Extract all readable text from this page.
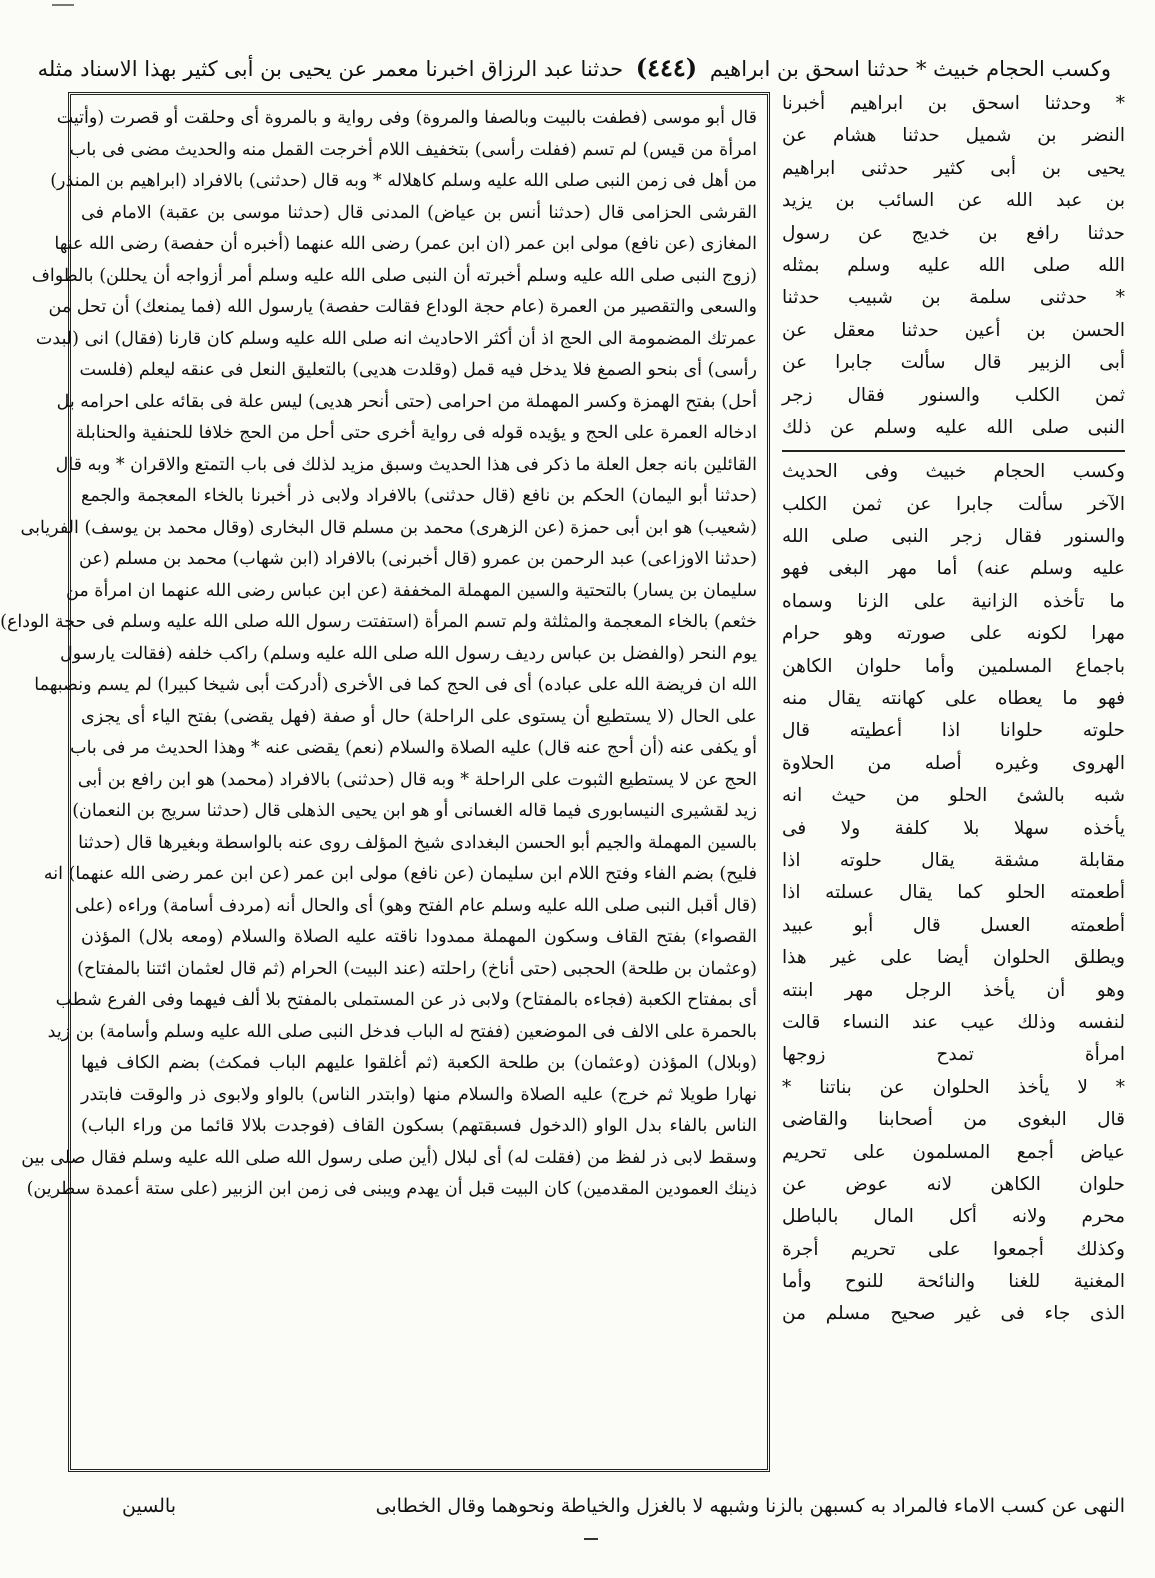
وكسب الحجام خبيث * حدثنا اسحق بن ابراهيم (٤٤٤) حدثنا عبد الرزاق اخبرنا معمر عن يحيى بن أبى كثير بهذا الاسناد مثله
قال أبو موسى (فطفت بالبيت وبالصفا والمروة) وفى رواية و بالمروة أى وحلقت أو قصرت (وأتيت
امرأة من قيس) لم تسم (ففلت رأسى) بتخفيف اللام أخرجت القمل منه والحديث مضى فى باب
من أهل فى زمن النبى صلى الله عليه وسلم كاهلاله * وبه قال (حدثنى) بالافراد (ابراهيم بن المنذر)
القرشى الحزامى قال (حدثنا أنس بن عياض) المدنى قال (حدثنا موسى بن عقبة) الامام فى
المغازى (عن نافع) مولى ابن عمر (ان ابن عمر) رضى الله عنهما (أخبره أن حفصة) رضى الله عنها
(زوج النبى صلى الله عليه وسلم أخبرته أن النبى صلى الله عليه وسلم أمر أزواجه أن يحللن) بالطواف
والسعى والتقصير من العمرة (عام حجة الوداع فقالت حفصة) يارسول الله (فما يمنعك) أن تحل من
عمرتك المضمومة الى الحج اذ أن أكثر الاحاديث انه صلى الله عليه وسلم كان قارنا (فقال) انى (لبدت
رأسى) أى بنحو الصمغ فلا يدخل فيه قمل (وقلدت هديى) بالتعليق النعل فى عنقه ليعلم (فلست
أحل) بفتح الهمزة وكسر المهملة من احرامى (حتى أنحر هديى) ليس علة فى بقائه على احرامه بل
ادخاله العمرة على الحج و يؤيده قوله فى رواية أخرى حتى أحل من الحج خلافا للحنفية والحنابلة
القائلين بانه جعل العلة ما ذكر فى هذا الحديث وسبق مزيد لذلك فى باب التمتع والاقران * وبه قال
(حدثنا أبو اليمان) الحكم بن نافع (قال حدثنى) بالافراد ولابى ذر أخبرنا بالخاء المعجمة والجمع
(شعيب) هو ابن أبى حمزة (عن الزهرى) محمد بن مسلم قال البخارى (وقال محمد بن يوسف) الفريابى
(حدثنا الاوزاعى) عبد الرحمن بن عمرو (قال أخبرنى) بالافراد (ابن شهاب) محمد بن مسلم (عن
سليمان بن يسار) بالتحتية والسين المهملة المخففة (عن ابن عباس رضى الله عنهما ان امرأة من
خثعم) بالخاء المعجمة والمثلثة ولم تسم المرأة (استفتت رسول الله صلى الله عليه وسلم فى حجة الوداع)
يوم النحر (والفضل بن عباس رديف رسول الله صلى الله عليه وسلم) راكب خلفه (فقالت يارسول
الله ان فريضة الله على عباده) أى فى الحج كما فى الأخرى (أدركت أبى شيخا كبيرا) لم يسم ونصبهما
على الحال (لا يستطيع أن يستوى على الراحلة) حال أو صفة (فهل يقضى) بفتح الياء أى يجزى
أو يكفى عنه (أن أحج عنه قال) عليه الصلاة والسلام (نعم) يقضى عنه * وهذا الحديث مر فى باب
الحج عن لا يستطيع الثبوت على الراحلة * وبه قال (حدثنى) بالافراد (محمد) هو ابن رافع بن أبى
زيد لقشيرى النيسابورى فيما قاله الغسانى أو هو ابن يحيى الذهلى قال (حدثنا سريج بن النعمان)
بالسين المهملة والجيم أبو الحسن البغدادى شيخ المؤلف روى عنه بالواسطة وبغيرها قال (حدثنا
فليح) بضم الفاء وفتح اللام ابن سليمان (عن نافع) مولى ابن عمر (عن ابن عمر رضى الله عنهما) انه
(قال أقبل النبى صلى الله عليه وسلم عام الفتح وهو) أى والحال أنه (مردف أسامة) وراءه (على
القصواء) بفتح القاف وسكون المهملة ممدودا ناقته عليه الصلاة والسلام (ومعه بلال) المؤذن
(وعثمان بن طلحة) الحجبى (حتى أناخ) راحلته (عند البيت) الحرام (ثم قال لعثمان ائتنا بالمفتاح)
أى بمفتاح الكعبة (فجاءه بالمفتاح) ولابى ذر عن المستملى بالمفتح بلا ألف فيهما وفى الفرع شطب
بالحمرة على الالف فى الموضعين (ففتح له الباب فدخل النبى صلى الله عليه وسلم وأسامة) بن زيد
(وبلال) المؤذن (وعثمان) بن طلحة الكعبة (ثم أغلقوا عليهم الباب فمكث) بضم الكاف فيها
نهارا طويلا ثم خرج) عليه الصلاة والسلام منها (وابتدر الناس) بالواو ولابوى ذر والوقت فابتدر
الناس بالفاء بدل الواو (الدخول فسبقتهم) بسكون القاف (فوجدت بلالا قائما من وراء الباب)
وسقط لابى ذر لفظ من (فقلت له) أى لبلال (أين صلى رسول الله صلى الله عليه وسلم فقال صلى بين
ذينك العمودين المقدمين) كان البيت قبل أن يهدم ويبنى فى زمن ابن الزبير (على ستة أعمدة سطرين)
* وحدثنا اسحق بن ابراهيم أخبرنا
النضر بن شميل حدثنا هشام عن
يحيى بن أبى كثير حدثنى ابراهيم
بن عبد الله عن السائب بن يزيد
حدثنا رافع بن خديج عن رسول
الله صلى الله عليه وسلم بمثله
* حدثنى سلمة بن شبيب حدثنا
الحسن بن أعين حدثنا معقل عن
أبى الزبير قال سألت جابرا عن
ثمن الكلب والسنور فقال زجر
النبى صلى الله عليه وسلم عن ذلك
وكسب الحجام خبيث وفى الحديث
الآخر سألت جابرا عن ثمن الكلب
والسنور فقال زجر النبى صلى الله
عليه وسلم عنه) أما مهر البغى فهو
ما تأخذه الزانية على الزنا وسماه
مهرا لكونه على صورته وهو حرام
باجماع المسلمين وأما حلوان الكاهن
فهو ما يعطاه على كهانته يقال منه
حلوته حلوانا اذا أعطيته قال
الهروى وغيره أصله من الحلاوة
شبه بالشئ الحلو من حيث انه
يأخذه سهلا بلا كلفة ولا فى
مقابلة مشقة يقال حلوته اذا
أطعمته الحلو كما يقال عسلته اذا
أطعمته العسل قال أبو عبيد
ويطلق الحلوان أيضا على غير هذا
وهو أن يأخذ الرجل مهر ابنته
لنفسه وذلك عيب عند النساء قالت
امرأة تمدح زوجها
* لا يأخذ الحلوان عن بناتنا *
قال البغوى من أصحابنا والقاضى
عياض أجمع المسلمون على تحريم
حلوان الكاهن لانه عوض عن
محرم ولانه أكل المال بالباطل
وكذلك أجمعوا على تحريم أجرة
المغنية للغنا والنائحة للنوح وأما
الذى جاء فى غير صحيح مسلم من
النهى عن كسب الاماء فالمراد به كسبهن بالزنا وشبهه لا بالغزل والخياطة ونحوهما وقال الخطابى
بالسين
